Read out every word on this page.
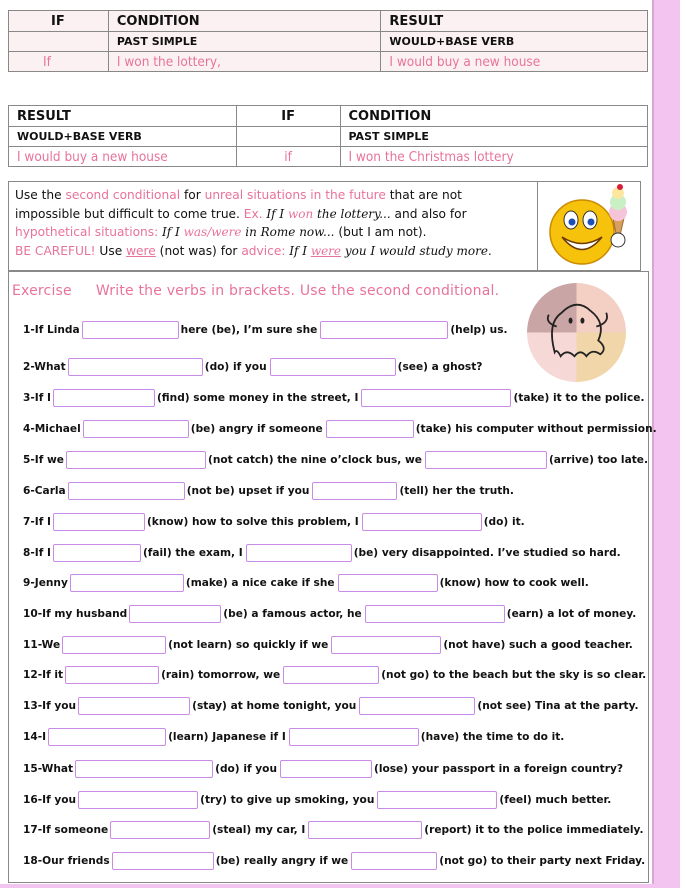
IF	CONDITION	RESULT
	PAST SIMPLE	WOULD+BASE VERB
If	I won the lottery,	I would buy a new house
RESULT	IF	CONDITION
WOULD+BASE VERB		PAST SIMPLE
I would buy a new house	if	I won the Christmas lottery
Use the second conditional for unreal situations in the future that are not
impossible but difficult to come true. Ex. If I won the lottery... and also for
hypothetical situations: If I was/were in Rome now... (but I am not).
BE CAREFUL! Use were (not was) for advice: If I were you I would study more.
Exercise Write the verbs in brackets. Use the second conditional.
1-If Linda	here (be), I’m sure she	(help) us.
2-What	(do) if you	(see) a ghost?
3-If I	(find) some money in the street, I	(take) it to the police.
4-Michael	(be) angry if someone	(take) his computer without permission.
5-If we	(not catch) the nine o’clock bus, we	(arrive) too late.
6-Carla	(not be) upset if you	(tell) her the truth.
7-If I	(know) how to solve this problem, I	(do) it.
8-If I	(fail) the exam, I	(be) very disappointed. I’ve studied so hard.
9-Jenny	(make) a nice cake if she	(know) how to cook well.
10-If my husband	(be) a famous actor, he	(earn) a lot of money.
11-We	(not learn) so quickly if we	(not have) such a good teacher.
12-If it	(rain) tomorrow, we	(not go) to the beach but the sky is so clear.
13-If you	(stay) at home tonight, you	(not see) Tina at the party.
14-I	(learn) Japanese if I	(have) the time to do it.
15-What	(do) if you	(lose) your passport in a foreign country?
16-If you	(try) to give up smoking, you	(feel) much better.
17-If someone	(steal) my car, I	(report) it to the police immediately.
18-Our friends	(be) really angry if we	(not go) to their party next Friday.
